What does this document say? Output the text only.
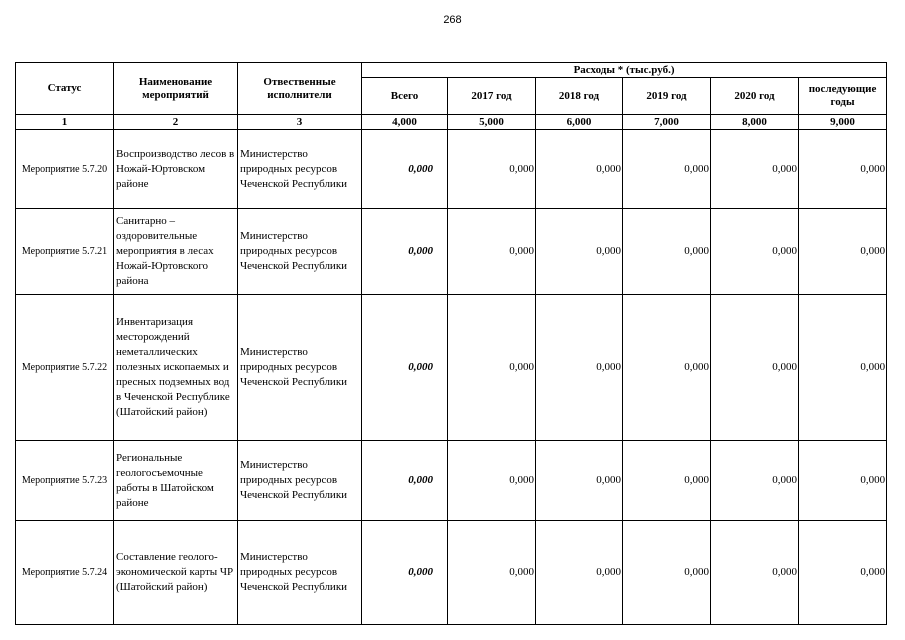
268
Статус	Наименование мероприятий	Отвественные исполнители	Расходы * (тыс.руб.)					
			Всего	2017 год	2018 год	2019 год	2020 год	последующие годы
1	2	3	4,000	5,000	6,000	7,000	8,000	9,000
Мероприятие 5.7.20	Воспроизводство лесов в Ножай-Юртовском районе	Министерство природных ресурсов Чеченской Республики	0,000	0,000	0,000	0,000	0,000	0,000
Мероприятие 5.7.21	Санитарно – оздоровительные мероприятия в лесах Ножай-Юртовского района	Министерство природных ресурсов Чеченской Республики	0,000	0,000	0,000	0,000	0,000	0,000
Мероприятие 5.7.22	Инвентаризация месторождений неметаллических полезных ископаемых и пресных подземных вод в Чеченской Республике (Шатойский район)	Министерство природных ресурсов Чеченской Республики	0,000	0,000	0,000	0,000	0,000	0,000
Мероприятие 5.7.23	Региональные геологосъемочные работы в Шатойском районе	Министерство природных ресурсов Чеченской Республики	0,000	0,000	0,000	0,000	0,000	0,000
Мероприятие 5.7.24	Составление геолого-экономической карты ЧР (Шатойский район)	Министерство природных ресурсов Чеченской Республики	0,000	0,000	0,000	0,000	0,000	0,000
